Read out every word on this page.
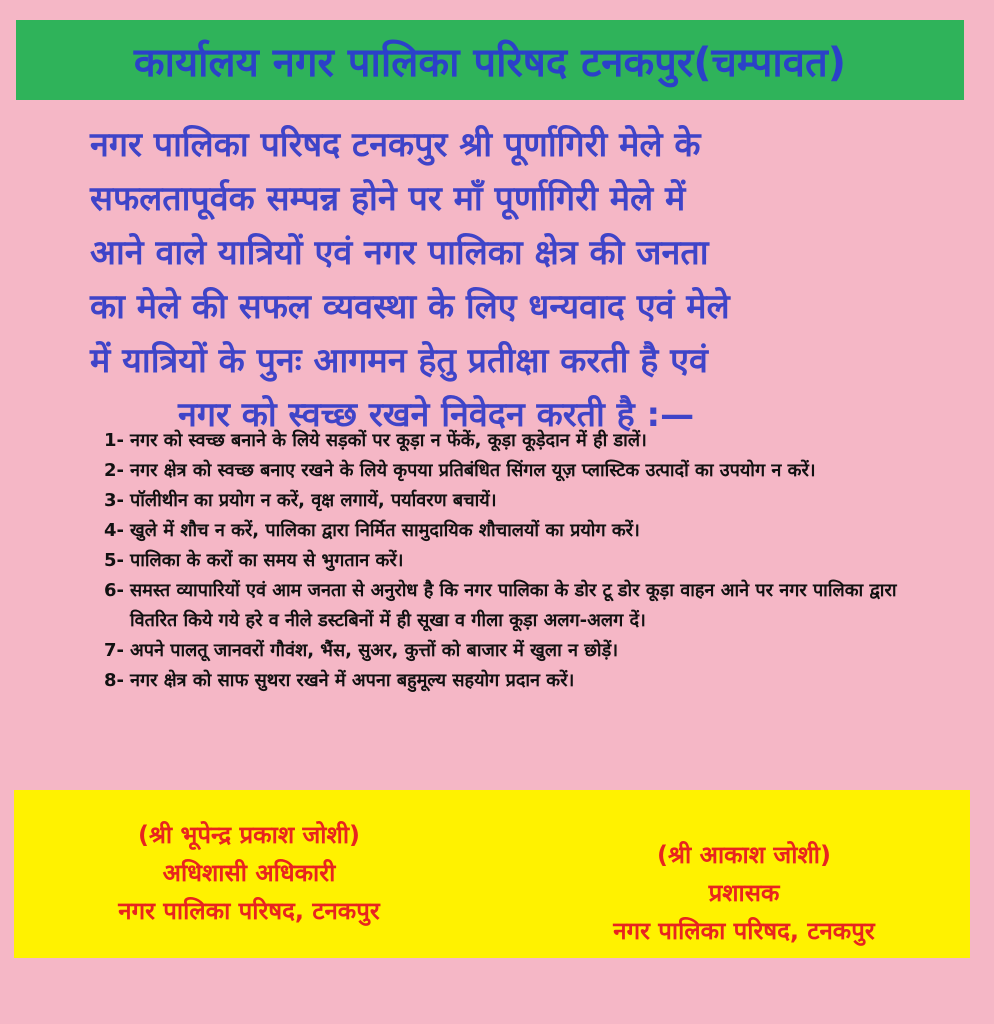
कार्यालय नगर पालिका परिषद टनकपुर(चम्पावत)

नगर पालिका परिषद टनकपुर श्री पूर्णागिरी मेले के

सफलतापूर्वक सम्पन्न होने पर माँ पूर्णागिरी मेले में

आने वाले यात्रियों एवं नगर पालिका क्षेत्र की जनता

का मेले की सफल व्यवस्था के लिए धन्यवाद एवं मेले

में यात्रियों के पुनः आगमन हेतु प्रतीक्षा करती है एवं

नगर को स्वच्छ रखने निवेदन करती है :—

1- नगर को स्वच्छ बनाने के लिये सड़कों पर कूड़ा न फेंकें, कूड़ा कूड़ेदान में ही डालें।
2- नगर क्षेत्र को स्वच्छ बनाए रखने के लिये कृपया प्रतिबंधित सिंगल यूज़ प्लास्टिक उत्पादों का उपयोग न करें।
3- पॉलीथीन का प्रयोग न करें, वृक्ष लगायें, पर्यावरण बचायें।
4- खुले में शौच न करें, पालिका द्वारा निर्मित सामुदायिक शौचालयों का प्रयोग करें।
5- पालिका के करों का समय से भुगतान करें।
6- समस्त व्यापारियों एवं आम जनता से अनुरोध है कि नगर पालिका के डोर टू डोर कूड़ा वाहन आने पर नगर पालिका द्वारा वितरित किये गये हरे व नीले डस्टबिनों में ही सूखा व गीला कूड़ा अलग-अलग दें।
7- अपने पालतू जानवरों गौवंश, भैंस, सुअर, कुत्तों को बाजार में खुला न छोड़ें।
8- नगर क्षेत्र को साफ सुथरा रखने में अपना बहुमूल्य सहयोग प्रदान करें।
(श्री भूपेन्द्र प्रकाश जोशी)
अधिशासी अधिकारी
नगर पालिका परिषद, टनकपुर
(श्री आकाश जोशी)
प्रशासक
नगर पालिका परिषद, टनकपुर
